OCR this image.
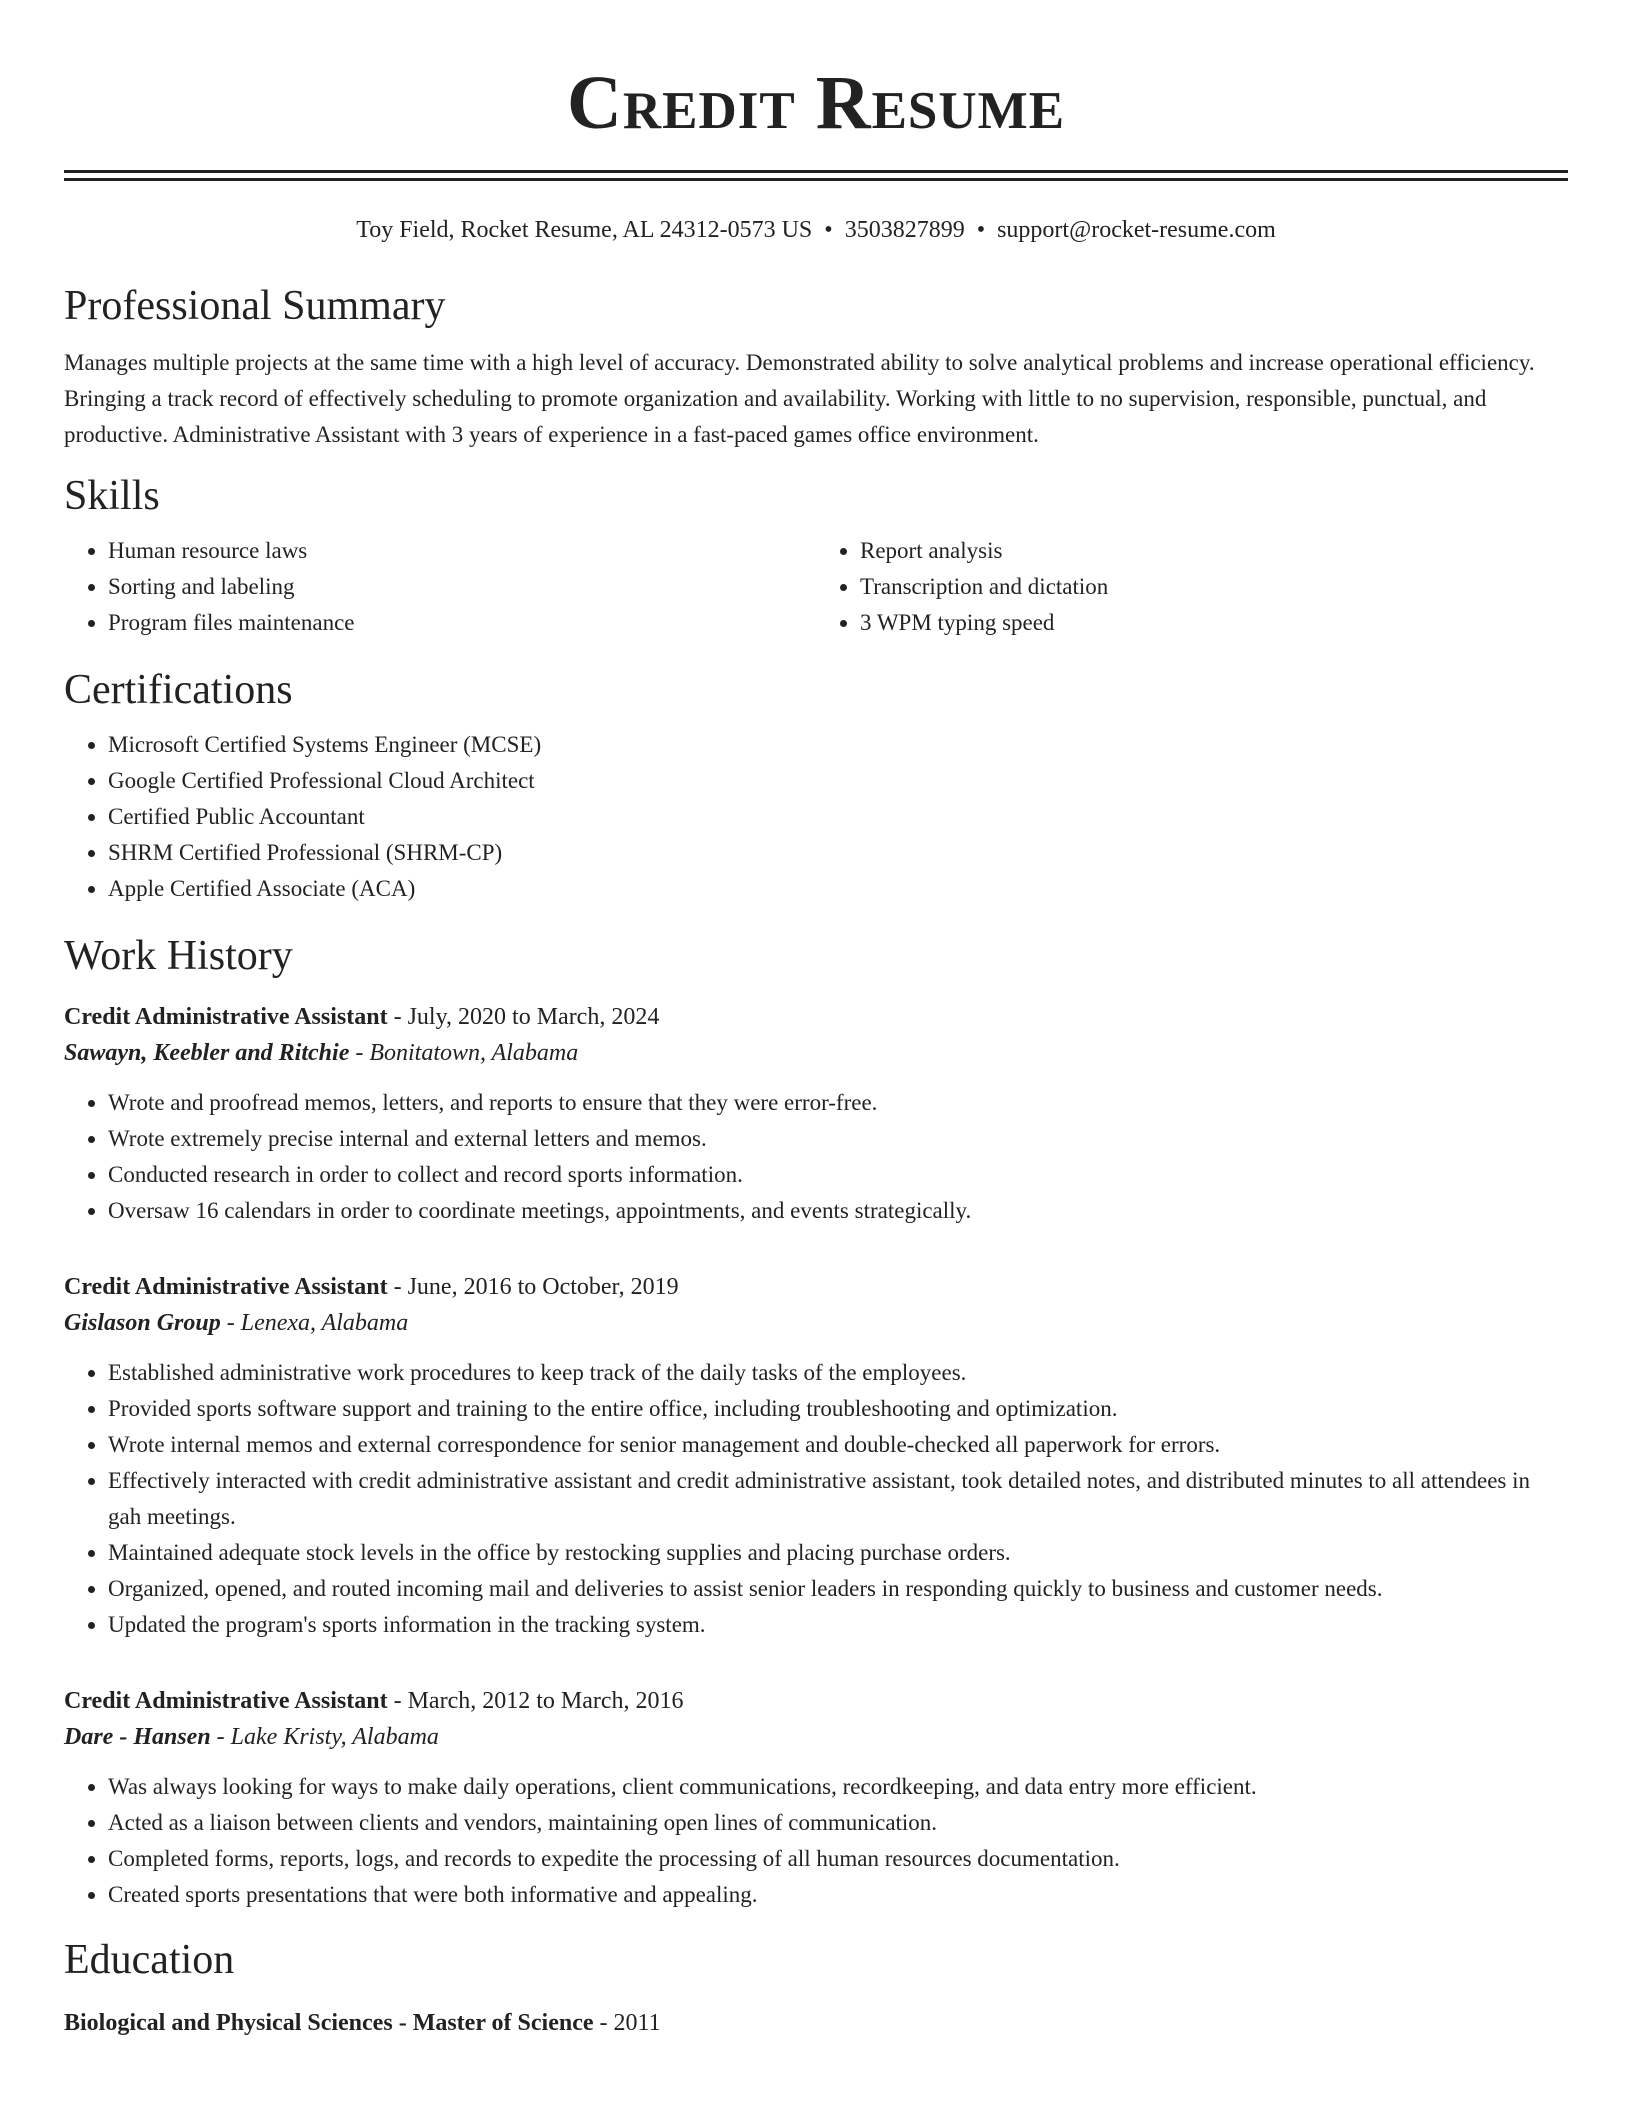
Credit Resume
Toy Field, Rocket Resume, AL 24312-0573 US • 3503827899 • support@rocket-resume.com
Professional Summary

Manages multiple projects at the same time with a high level of accuracy. Demonstrated ability to solve analytical problems and increase operational efficiency. Bringing a track record of effectively scheduling to promote organization and availability. Working with little to no supervision, responsible, punctual, and productive. Administrative Assistant with 3 years of experience in a fast-paced games office environment.

Skills
• Human resource laws
• Sorting and labeling
• Program files maintenance
• Report analysis
• Transcription and dictation
• 3 WPM typing speed
Certifications
• Microsoft Certified Systems Engineer (MCSE)
• Google Certified Professional Cloud Architect
• Certified Public Accountant
• SHRM Certified Professional (SHRM-CP)
• Apple Certified Associate (ACA)
Work History
Credit Administrative Assistant - July, 2020 to March, 2024
Sawayn, Keebler and Ritchie - Bonitatown, Alabama
• Wrote and proofread memos, letters, and reports to ensure that they were error-free.
• Wrote extremely precise internal and external letters and memos.
• Conducted research in order to collect and record sports information.
• Oversaw 16 calendars in order to coordinate meetings, appointments, and events strategically.
Credit Administrative Assistant - June, 2016 to October, 2019
Gislason Group - Lenexa, Alabama
• Established administrative work procedures to keep track of the daily tasks of the employees.
• Provided sports software support and training to the entire office, including troubleshooting and optimization.
• Wrote internal memos and external correspondence for senior management and double-checked all paperwork for errors.
• Effectively interacted with credit administrative assistant and credit administrative assistant, took detailed notes, and distributed minutes to all attendees in gah meetings.
• Maintained adequate stock levels in the office by restocking supplies and placing purchase orders.
• Organized, opened, and routed incoming mail and deliveries to assist senior leaders in responding quickly to business and customer needs.
• Updated the program's sports information in the tracking system.
Credit Administrative Assistant - March, 2012 to March, 2016
Dare - Hansen - Lake Kristy, Alabama
• Was always looking for ways to make daily operations, client communications, recordkeeping, and data entry more efficient.
• Acted as a liaison between clients and vendors, maintaining open lines of communication.
• Completed forms, reports, logs, and records to expedite the processing of all human resources documentation.
• Created sports presentations that were both informative and appealing.
Education
Biological and Physical Sciences - Master of Science - 2011
